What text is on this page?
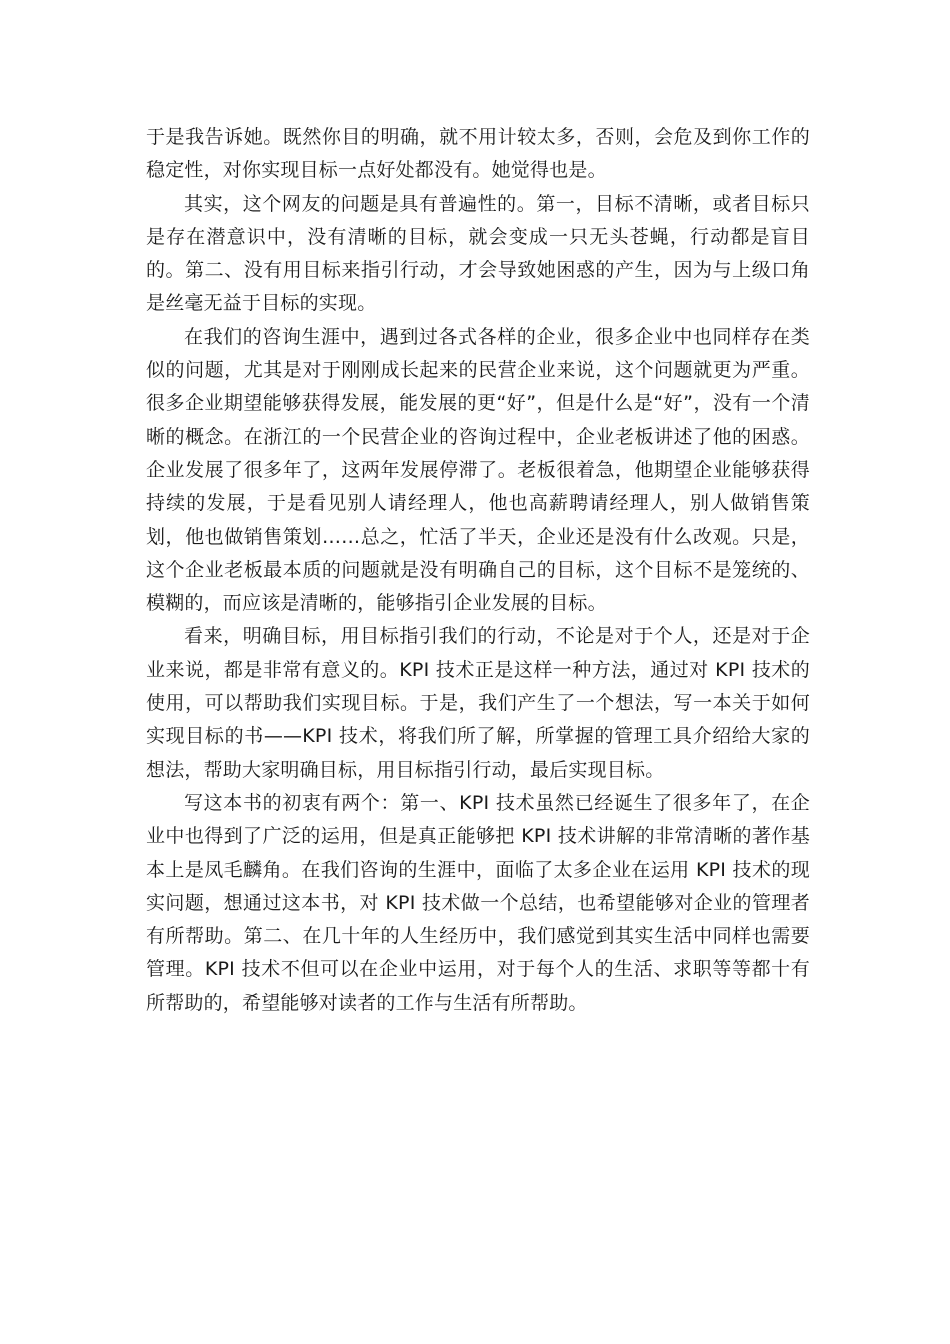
于是我告诉她。既然你目的明确，就不用计较太多，否则，会危及到你工作的稳定性，对你实现目标一点好处都没有。她觉得也是。

其实，这个网友的问题是具有普遍性的。第一，目标不清晰，或者目标只是存在潜意识中，没有清晰的目标，就会变成一只无头苍蝇，行动都是盲目的。第二、没有用目标来指引行动，才会导致她困惑的产生，因为与上级口角是丝毫无益于目标的实现。

在我们的咨询生涯中，遇到过各式各样的企业，很多企业中也同样存在类似的问题，尤其是对于刚刚成长起来的民营企业来说，这个问题就更为严重。很多企业期望能够获得发展，能发展的更“好”，但是什么是“好”，没有一个清晰的概念。在浙江的一个民营企业的咨询过程中，企业老板讲述了他的困惑。企业发展了很多年了，这两年发展停滞了。老板很着急，他期望企业能够获得持续的发展，于是看见别人请经理人，他也高薪聘请经理人，别人做销售策划，他也做销售策划……总之，忙活了半天，企业还是没有什么改观。只是，这个企业老板最本质的问题就是没有明确自己的目标，这个目标不是笼统的、模糊的，而应该是清晰的，能够指引企业发展的目标。

看来，明确目标，用目标指引我们的行动，不论是对于个人，还是对于企业来说，都是非常有意义的。KPI 技术正是这样一种方法，通过对 KPI 技术的使用，可以帮助我们实现目标。于是，我们产生了一个想法，写一本关于如何实现目标的书——KPI 技术，将我们所了解，所掌握的管理工具介绍给大家的想法，帮助大家明确目标，用目标指引行动，最后实现目标。

写这本书的初衷有两个：第一、KPI 技术虽然已经诞生了很多年了，在企业中也得到了广泛的运用，但是真正能够把 KPI 技术讲解的非常清晰的著作基本上是凤毛麟角。在我们咨询的生涯中，面临了太多企业在运用 KPI 技术的现实问题，想通过这本书，对 KPI 技术做一个总结，也希望能够对企业的管理者有所帮助。第二、在几十年的人生经历中，我们感觉到其实生活中同样也需要管理。KPI 技术不但可以在企业中运用，对于每个人的生活、求职等等都十有所帮助的，希望能够对读者的工作与生活有所帮助。
